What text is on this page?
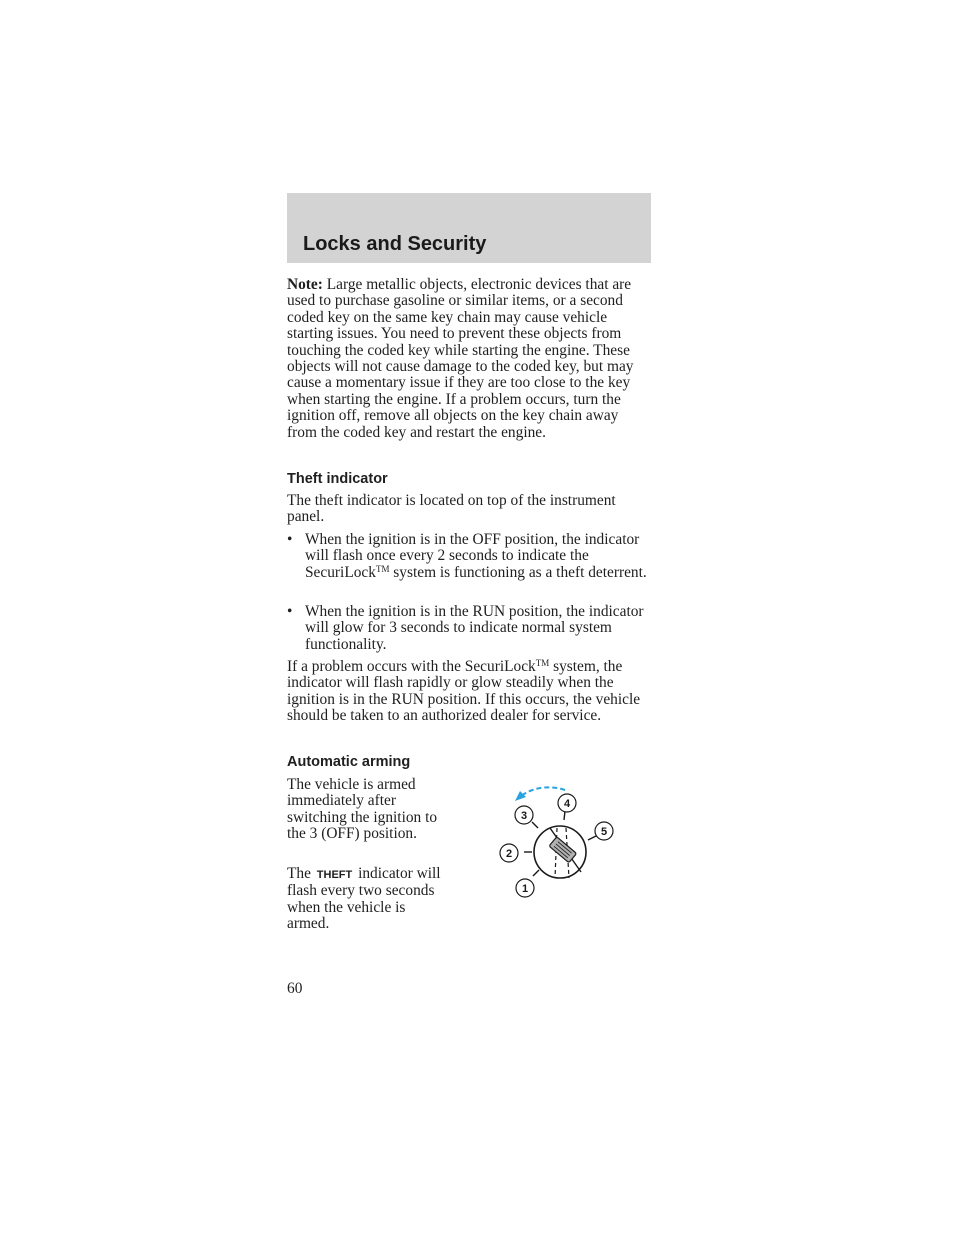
Locks and Security
Note: Large metallic objects, electronic devices that are used to purchase gasoline or similar items, or a second coded key on the same key chain may cause vehicle starting issues. You need to prevent these objects from touching the coded key while starting the engine. These objects will not cause damage to the coded key, but may cause a momentary issue if they are too close to the key when starting the engine. If a problem occurs, turn the ignition off, remove all objects on the key chain away from the coded key and restart the engine.
Theft indicator
The theft indicator is located on top of the instrument panel.
• When the ignition is in the OFF position, the indicator will flash once every 2 seconds to indicate the SecuriLock™ system is functioning as a theft deterrent.
• When the ignition is in the RUN position, the indicator will glow for 3 seconds to indicate normal system functionality.
If a problem occurs with the SecuriLock™ system, the indicator will flash rapidly or glow steadily when the ignition is in the RUN position. If this occurs, the vehicle should be taken to an authorized dealer for service.
Automatic arming
The vehicle is armed immediately after switching the ignition to the 3 (OFF) position.
The THEFT indicator will flash every two seconds when the vehicle is armed.
1
2
3
4
5
60
